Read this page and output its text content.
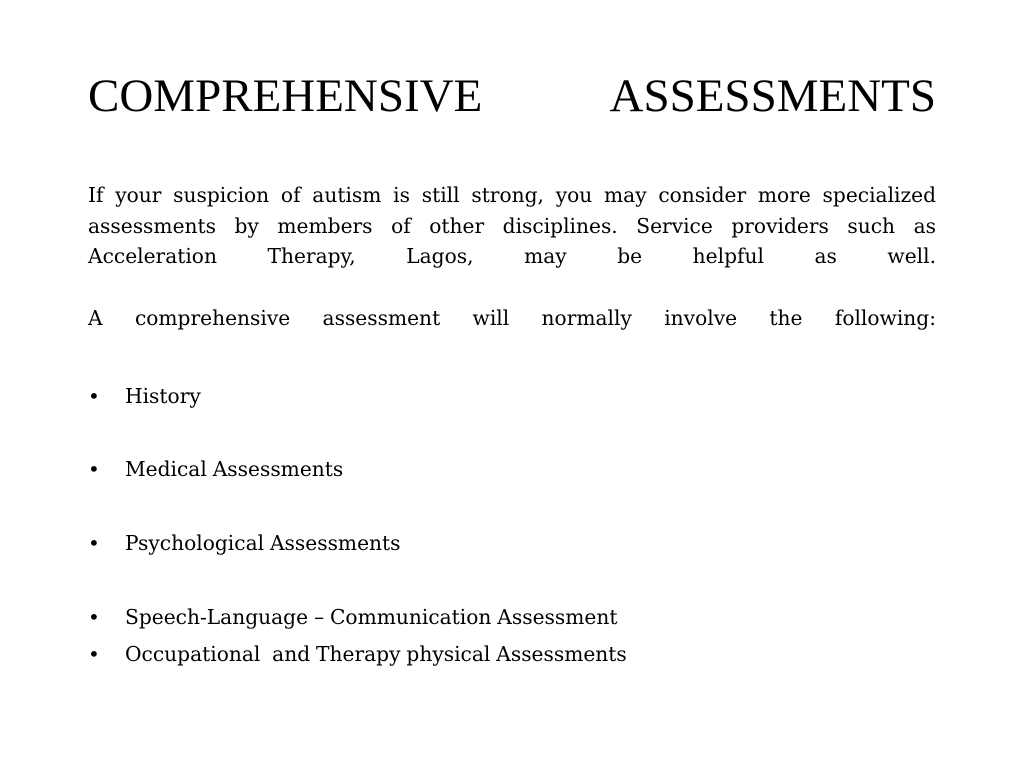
COMPREHENSIVE ASSESSMENTS

If your suspicion of autism is still strong, you may consider more specialized assessments by members of other disciplines. Service providers such as Acceleration Therapy, Lagos, may be helpful as well.

A comprehensive assessment will normally involve the following:

•

	History

•

	Medical Assessments

•

	Psychological Assessments

•

	Speech-Language – Communication Assessment

•

	Occupational  and Therapy physical Assessments
